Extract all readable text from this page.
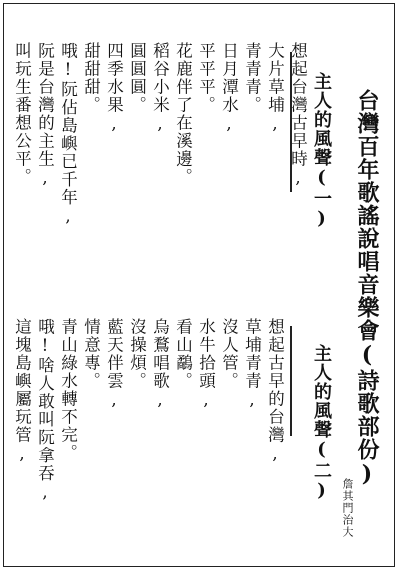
台灣百年歌謠說唱音樂會(詩歌部份)
詹其門治大
主人的風聲(一)
主人的風聲(二)
想起台灣古早時,
大片草埔,
青青青。
日月潭水,
平平平。
花鹿伴了在溪邊。
稻谷小米,
圓圓圓。
四季水果,
甜甜甜。
哦!阮佔島嶼已千年,
阮是台灣的主生,
叫玩生番想公平。
想起古早的台灣,
草埔青青,
沒人管。
水牛拾頭,
看山鷸。
烏鶩唱歌,
沒操煩。
藍天伴雲,
情意專。
青山綠水轉不完。
哦!啥人敢叫阮拿吞,
這塊島嶼屬玩管,
